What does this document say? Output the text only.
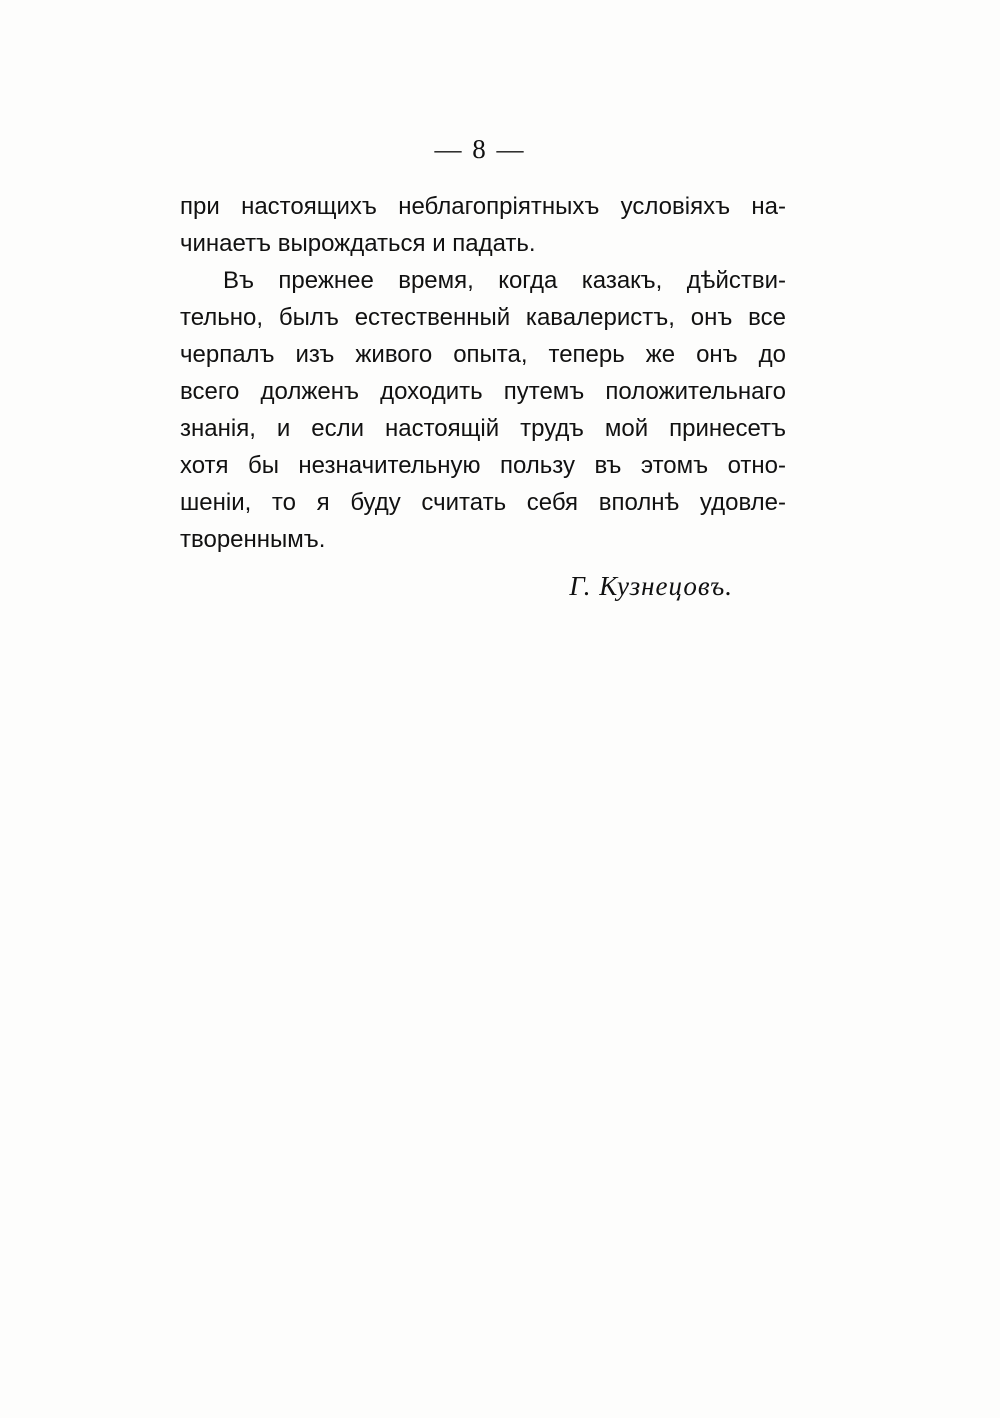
— 8 —
при настоящихъ неблагопріятныхъ условіяхъ на-
чинаетъ вырождаться и падать.
Въ прежнее время, когда казакъ, дѣйстви-
тельно, былъ естественный кавалеристъ, онъ все
черпалъ изъ живого опыта, теперь же онъ до
всего долженъ доходить путемъ положительнаго
знанія, и если настоящій трудъ мой принесетъ
хотя бы незначительную пользу въ этомъ отно-
шеніи, то я буду считать себя вполнѣ удовле-
твореннымъ.
Г. Кузнецовъ.
